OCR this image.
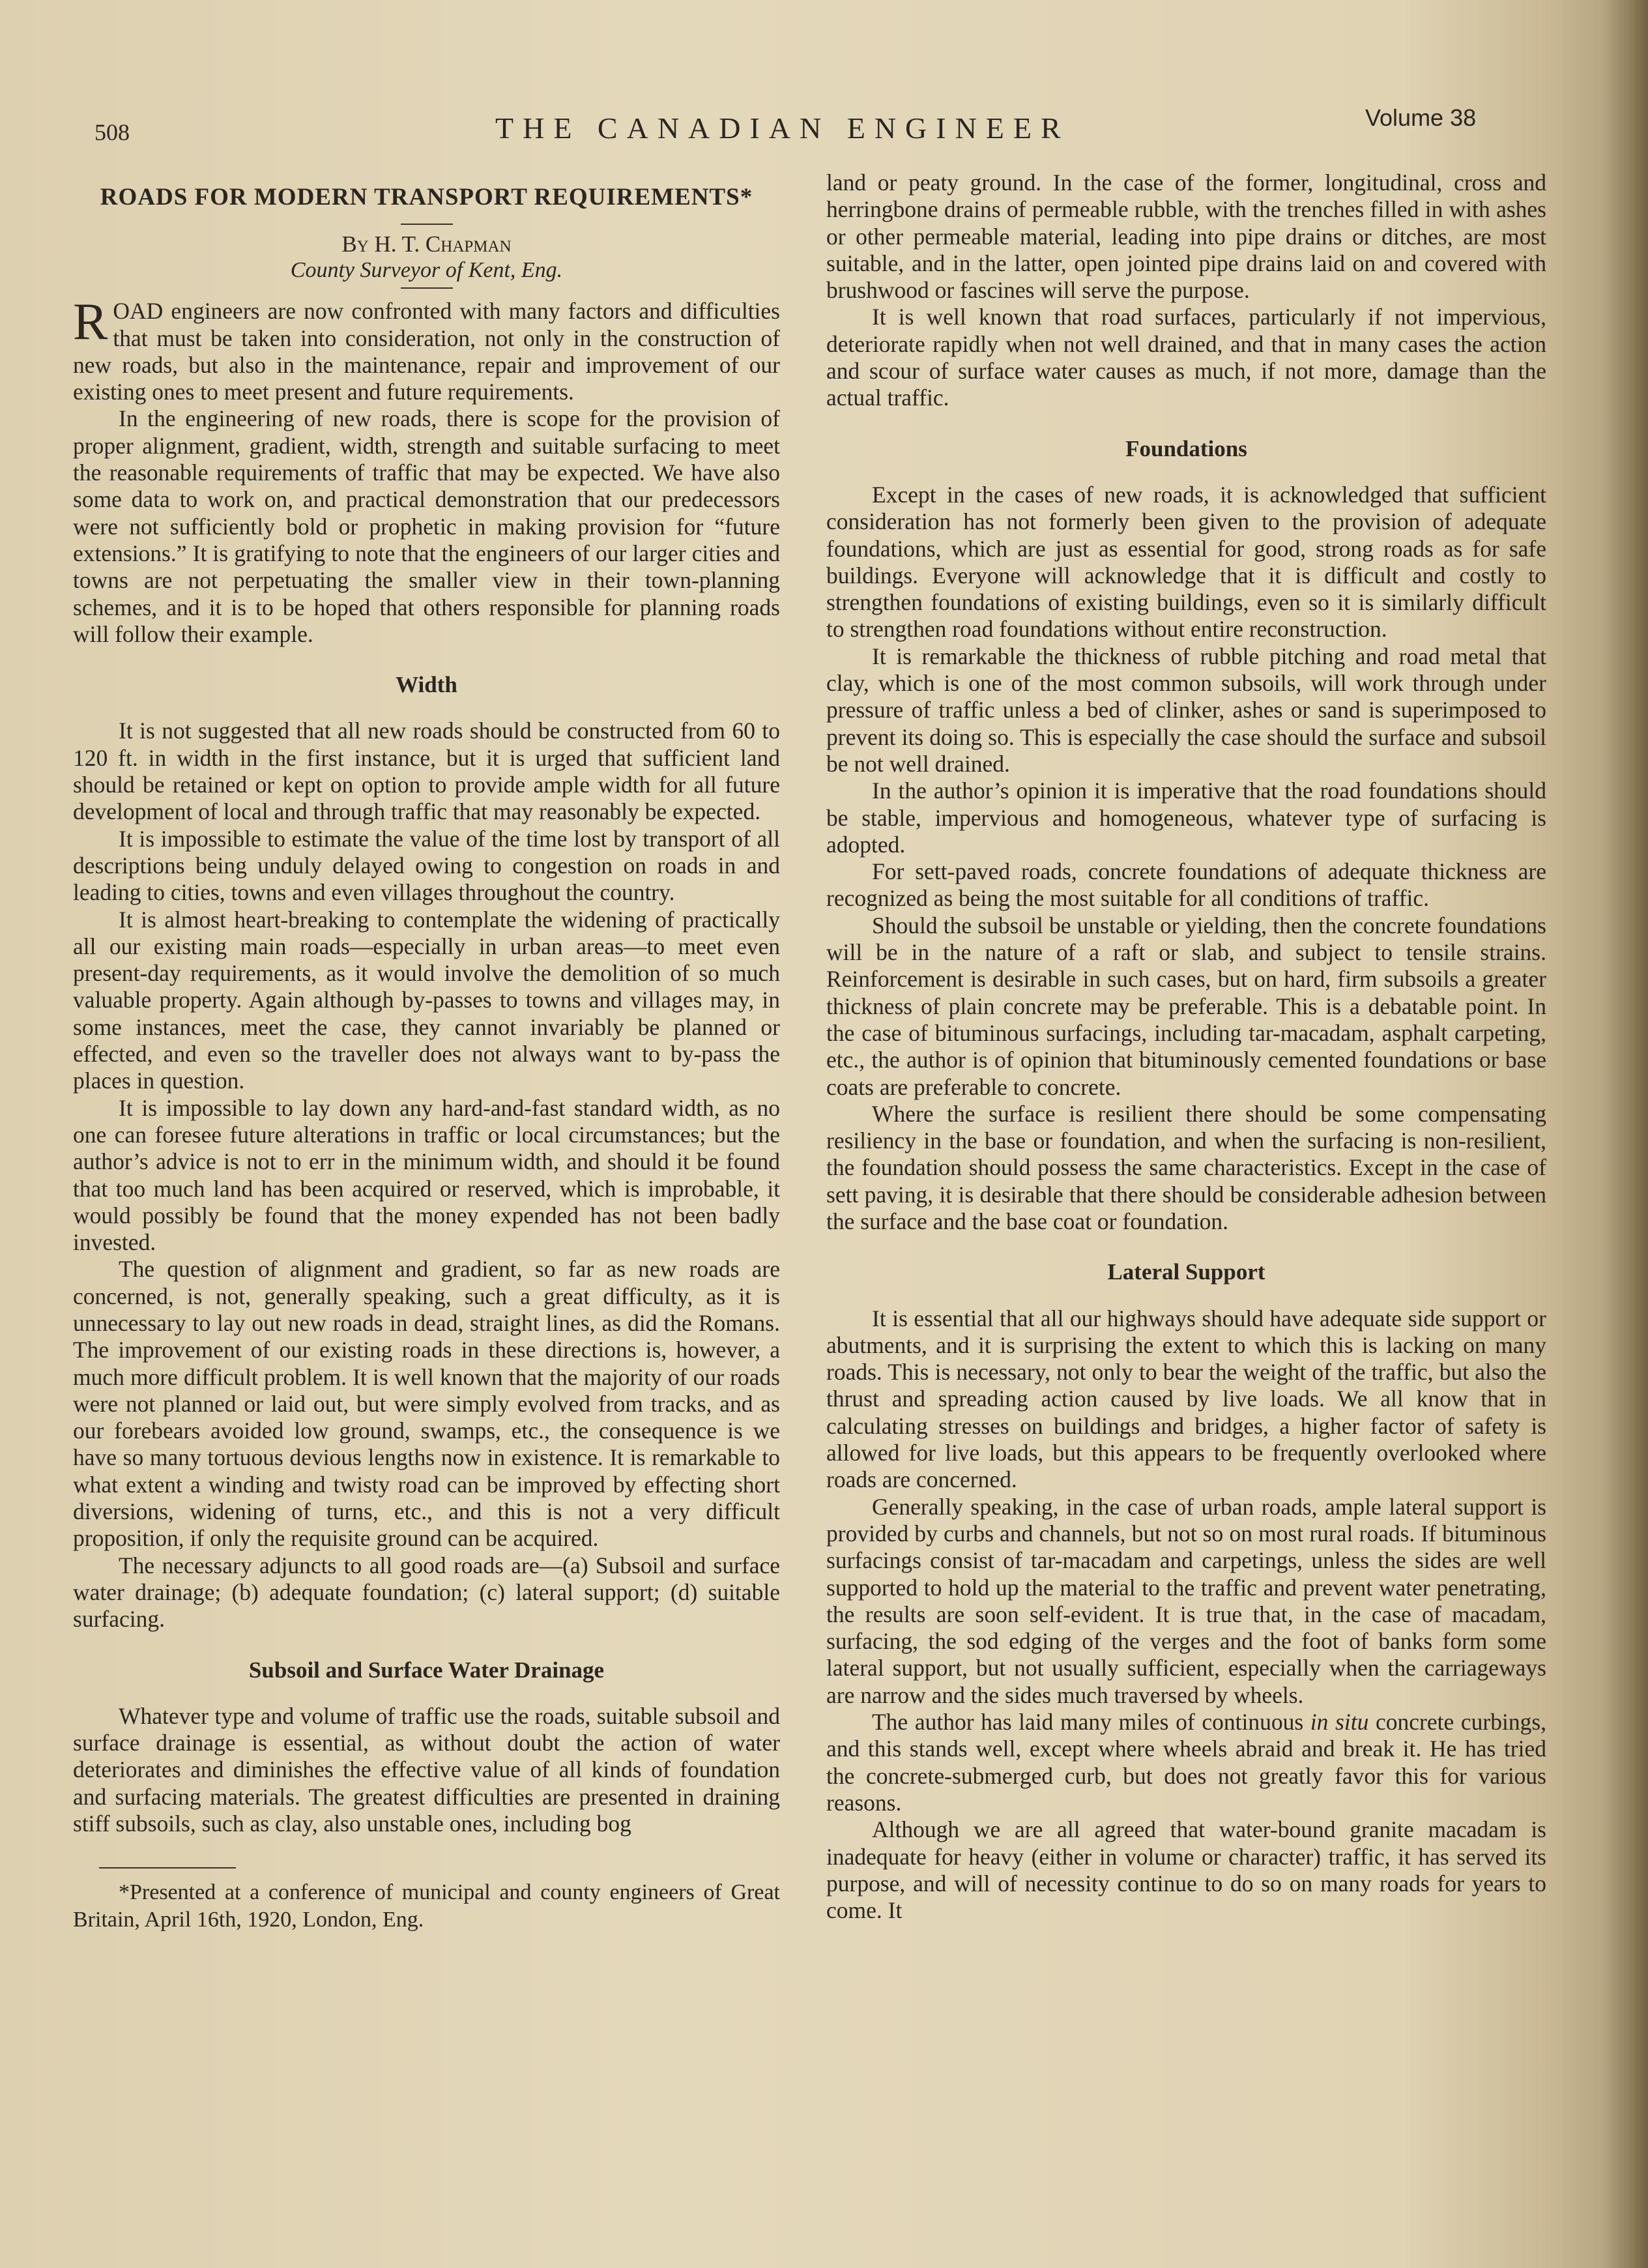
508	THE CANADIAN ENGINEER	Volume 38
ROADS FOR MODERN TRANSPORT REQUIREMENTS*
By H. T. Chapman
County Surveyor of Kent, Eng.

ROAD engineers are now confronted with many factors and difficulties that must be taken into consideration, not only in the construction of new roads, but also in the maintenance, repair and improvement of our existing ones to meet present and future requirements.

In the engineering of new roads, there is scope for the provision of proper alignment, gradient, width, strength and suitable surfacing to meet the reasonable requirements of traffic that may be expected. We have also some data to work on, and practical demonstration that our predecessors were not sufficiently bold or prophetic in making provision for “future extensions.” It is gratifying to note that the engineers of our larger cities and towns are not perpetuating the smaller view in their town-planning schemes, and it is to be hoped that others responsible for planning roads will follow their example.

Width

It is not suggested that all new roads should be constructed from 60 to 120 ft. in width in the first instance, but it is urged that sufficient land should be retained or kept on option to provide ample width for all future development of local and through traffic that may reasonably be expected.

It is impossible to estimate the value of the time lost by transport of all descriptions being unduly delayed owing to congestion on roads in and leading to cities, towns and even villages throughout the country.

It is almost heart-breaking to contemplate the widening of practically all our existing main roads—especially in urban areas—to meet even present-day requirements, as it would involve the demolition of so much valuable property. Again although by-passes to towns and villages may, in some instances, meet the case, they cannot invariably be planned or effected, and even so the traveller does not always want to by-pass the places in question.

It is impossible to lay down any hard-and-fast standard width, as no one can foresee future alterations in traffic or local circumstances; but the author’s advice is not to err in the minimum width, and should it be found that too much land has been acquired or reserved, which is improbable, it would possibly be found that the money expended has not been badly invested.

The question of alignment and gradient, so far as new roads are concerned, is not, generally speaking, such a great difficulty, as it is unnecessary to lay out new roads in dead, straight lines, as did the Romans. The improvement of our existing roads in these directions is, however, a much more difficult problem. It is well known that the majority of our roads were not planned or laid out, but were simply evolved from tracks, and as our forebears avoided low ground, swamps, etc., the consequence is we have so many tortuous devious lengths now in existence. It is remarkable to what extent a winding and twisty road can be improved by effecting short diversions, widening of turns, etc., and this is not a very difficult proposition, if only the requisite ground can be acquired.

The necessary adjuncts to all good roads are—(a) Subsoil and surface water drainage; (b) adequate foundation; (c) lateral support; (d) suitable surfacing.

Subsoil and Surface Water Drainage

Whatever type and volume of traffic use the roads, suitable subsoil and surface drainage is essential, as without doubt the action of water deteriorates and diminishes the effective value of all kinds of foundation and surfacing materials. The greatest difficulties are presented in draining stiff subsoils, such as clay, also unstable ones, including bog

*Presented at a conference of municipal and county engineers of Great Britain, April 16th, 1920, London, Eng.

land or peaty ground. In the case of the former, longitudinal, cross and herringbone drains of permeable rubble, with the trenches filled in with ashes or other permeable material, leading into pipe drains or ditches, are most suitable, and in the latter, open jointed pipe drains laid on and covered with brushwood or fascines will serve the purpose.

It is well known that road surfaces, particularly if not impervious, deteriorate rapidly when not well drained, and that in many cases the action and scour of surface water causes as much, if not more, damage than the actual traffic.

Foundations

Except in the cases of new roads, it is acknowledged that sufficient consideration has not formerly been given to the provision of adequate foundations, which are just as essential for good, strong roads as for safe buildings. Everyone will acknowledge that it is difficult and costly to strengthen foundations of existing buildings, even so it is similarly difficult to strengthen road foundations without entire reconstruction.

It is remarkable the thickness of rubble pitching and road metal that clay, which is one of the most common subsoils, will work through under pressure of traffic unless a bed of clinker, ashes or sand is superimposed to prevent its doing so. This is especially the case should the surface and subsoil be not well drained.

In the author’s opinion it is imperative that the road foundations should be stable, impervious and homogeneous, whatever type of surfacing is adopted.

For sett-paved roads, concrete foundations of adequate thickness are recognized as being the most suitable for all conditions of traffic.

Should the subsoil be unstable or yielding, then the concrete foundations will be in the nature of a raft or slab, and subject to tensile strains. Reinforcement is desirable in such cases, but on hard, firm subsoils a greater thickness of plain concrete may be preferable. This is a debatable point. In the case of bituminous surfacings, including tar-macadam, asphalt carpeting, etc., the author is of opinion that bituminously cemented foundations or base coats are preferable to concrete.

Where the surface is resilient there should be some compensating resiliency in the base or foundation, and when the surfacing is non-resilient, the foundation should possess the same characteristics. Except in the case of sett paving, it is desirable that there should be considerable adhesion between the surface and the base coat or foundation.

Lateral Support

It is essential that all our highways should have adequate side support or abutments, and it is surprising the extent to which this is lacking on many roads. This is necessary, not only to bear the weight of the traffic, but also the thrust and spreading action caused by live loads. We all know that in calculating stresses on buildings and bridges, a higher factor of safety is allowed for live loads, but this appears to be frequently overlooked where roads are concerned.

Generally speaking, in the case of urban roads, ample lateral support is provided by curbs and channels, but not so on most rural roads. If bituminous surfacings consist of tar-macadam and carpetings, unless the sides are well supported to hold up the material to the traffic and prevent water penetrating, the results are soon self-evident. It is true that, in the case of macadam, surfacing, the sod edging of the verges and the foot of banks form some lateral support, but not usually sufficient, especially when the carriageways are narrow and the sides much traversed by wheels.

The author has laid many miles of continuous in situ concrete curbings, and this stands well, except where wheels abraid and break it. He has tried the concrete-submerged curb, but does not greatly favor this for various reasons.

Although we are all agreed that water-bound granite macadam is inadequate for heavy (either in volume or character) traffic, it has served its purpose, and will of necessity continue to do so on many roads for years to come. It
